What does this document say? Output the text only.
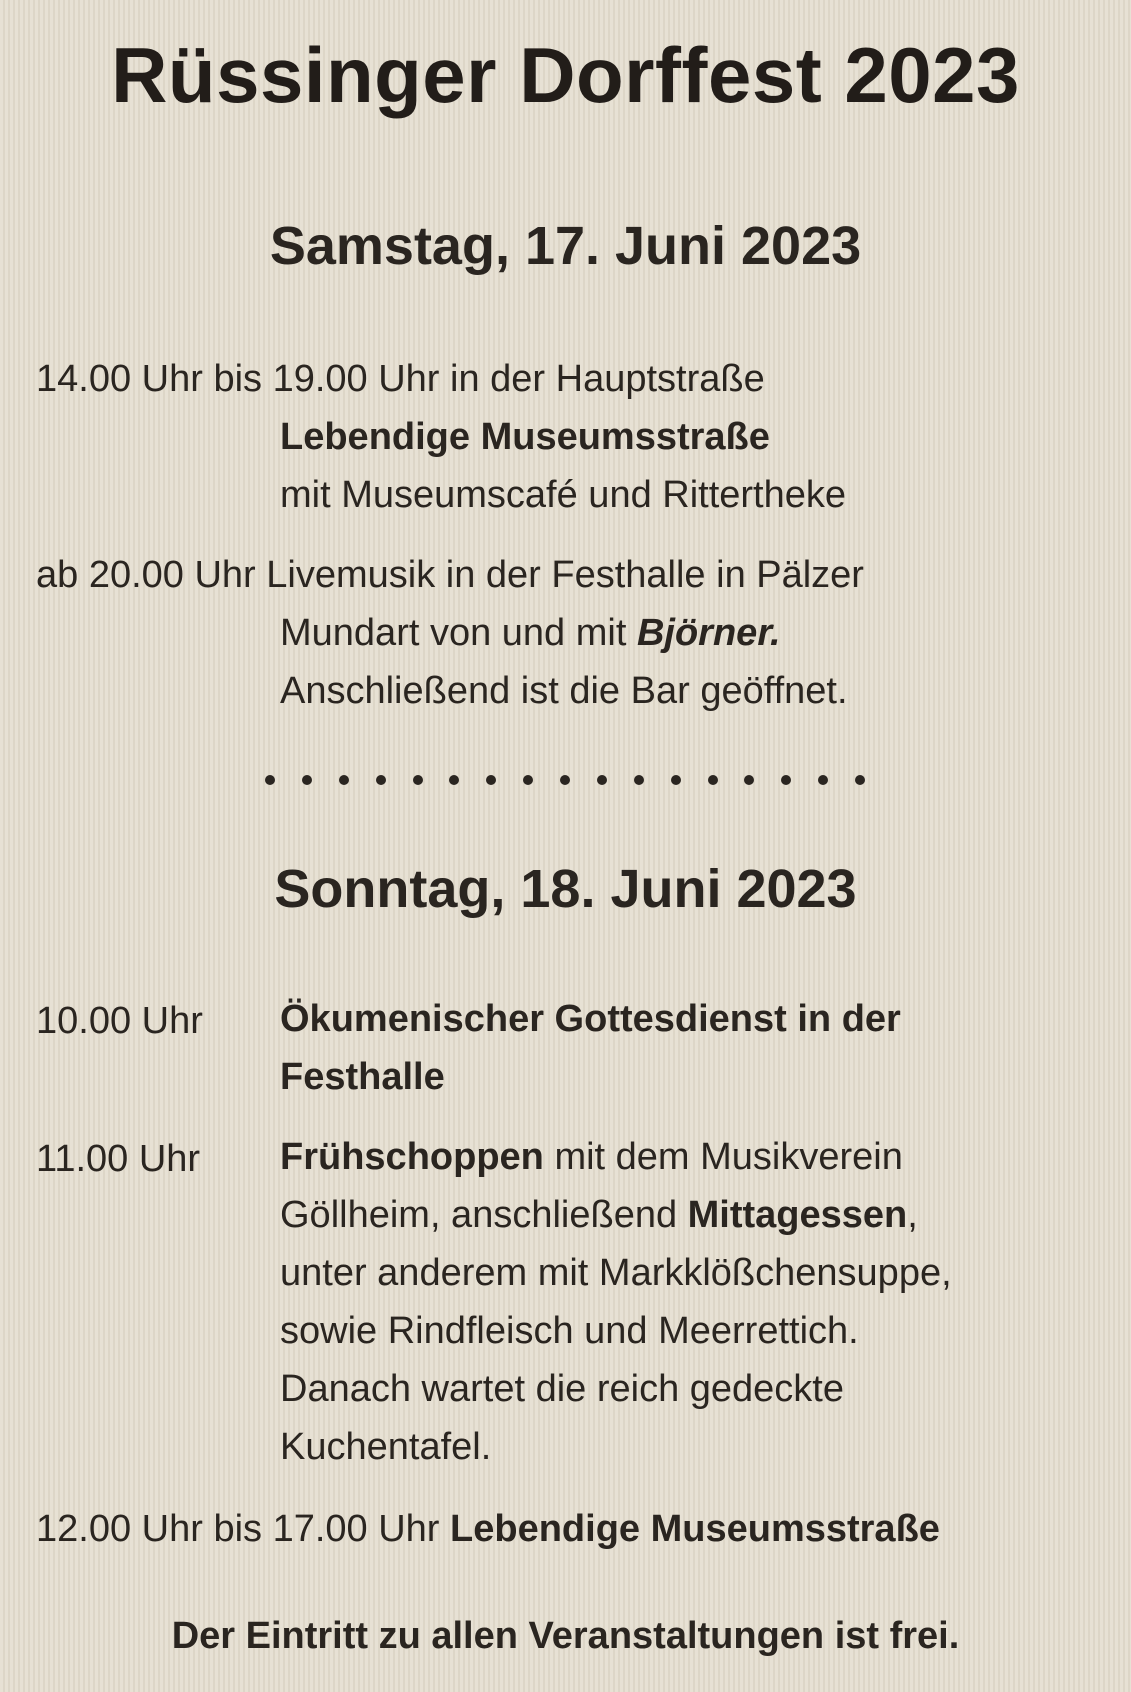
Rüssinger Dorffest 2023
Samstag, 17. Juni 2023
14.00 Uhr bis 19.00 Uhr in der Hauptstraße
Lebendige Museumsstraße
mit Museumscafé und Rittertheke
ab 20.00 Uhr Livemusik in der Festhalle in Pälzer
Mundart von und mit Björner.
Anschließend ist die Bar geöffnet.
Sonntag, 18. Juni 2023
10.00 Uhr Ökumenischer Gottesdienst in der
Festhalle
11.00 Uhr Frühschoppen mit dem Musikverein
Göllheim, anschließend Mittagessen,
unter anderem mit Markklößchensuppe,
sowie Rindfleisch und Meerrettich.
Danach wartet die reich gedeckte
Kuchentafel.
12.00 Uhr bis 17.00 Uhr Lebendige Museumsstraße
Der Eintritt zu allen Veranstaltungen ist frei.
